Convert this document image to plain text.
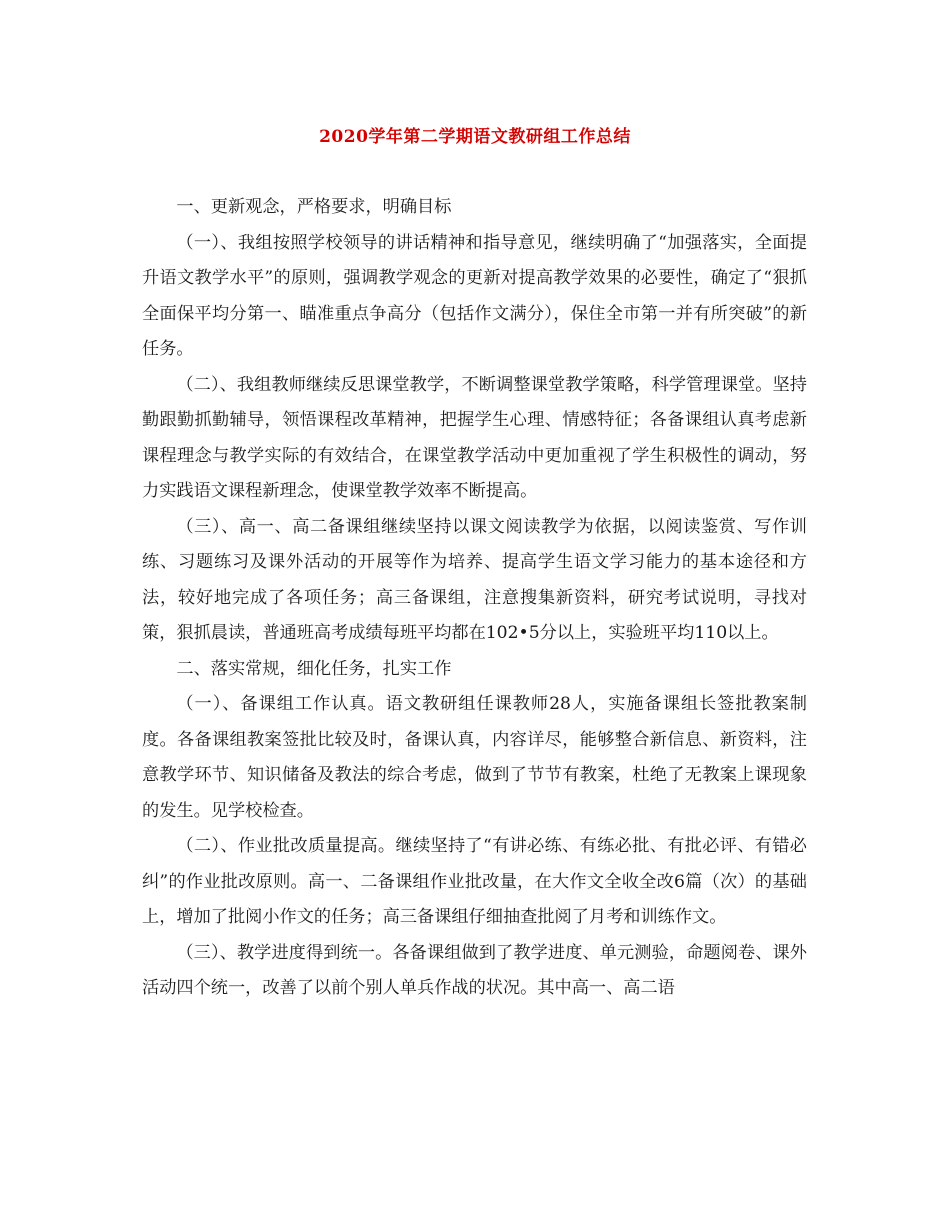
2020学年第二学期语文教研组工作总结

一、更新观念，严格要求，明确目标

（一）、我组按照学校领导的讲话精神和指导意见，继续明确了“加强落实，全面提升语文教学水平”的原则，强调教学观念的更新对提高教学效果的必要性，确定了“狠抓全面保平均分第一、瞄准重点争高分（包括作文满分），保住全市第一并有所突破”的新任务。

（二）、我组教师继续反思课堂教学，不断调整课堂教学策略，科学管理课堂。坚持勤跟勤抓勤辅导，领悟课程改革精神，把握学生心理、情感特征；各备课组认真考虑新课程理念与教学实际的有效结合，在课堂教学活动中更加重视了学生积极性的调动，努力实践语文课程新理念，使课堂教学效率不断提高。

（三）、高一、高二备课组继续坚持以课文阅读教学为依据，以阅读鉴赏、写作训练、习题练习及课外活动的开展等作为培养、提高学生语文学习能力的基本途径和方法，较好地完成了各项任务；高三备课组，注意搜集新资料，研究考试说明，寻找对策，狠抓晨读，普通班高考成绩每班平均都在102•5分以上，实验班平均110以上。

二、落实常规，细化任务，扎实工作

（一）、备课组工作认真。语文教研组任课教师28人，实施备课组长签批教案制度。各备课组教案签批比较及时，备课认真，内容详尽，能够整合新信息、新资料，注意教学环节、知识储备及教法的综合考虑，做到了节节有教案，杜绝了无教案上课现象的发生。见学校检查。

（二）、作业批改质量提高。继续坚持了“有讲必练、有练必批、有批必评、有错必纠”的作业批改原则。高一、二备课组作业批改量，在大作文全收全改6篇（次）的基础上，增加了批阅小作文的任务；高三备课组仔细抽查批阅了月考和训练作文。

（三）、教学进度得到统一。各备课组做到了教学进度、单元测验，命题阅卷、课外活动四个统一，改善了以前个别人单兵作战的状况。其中高一、高二语
